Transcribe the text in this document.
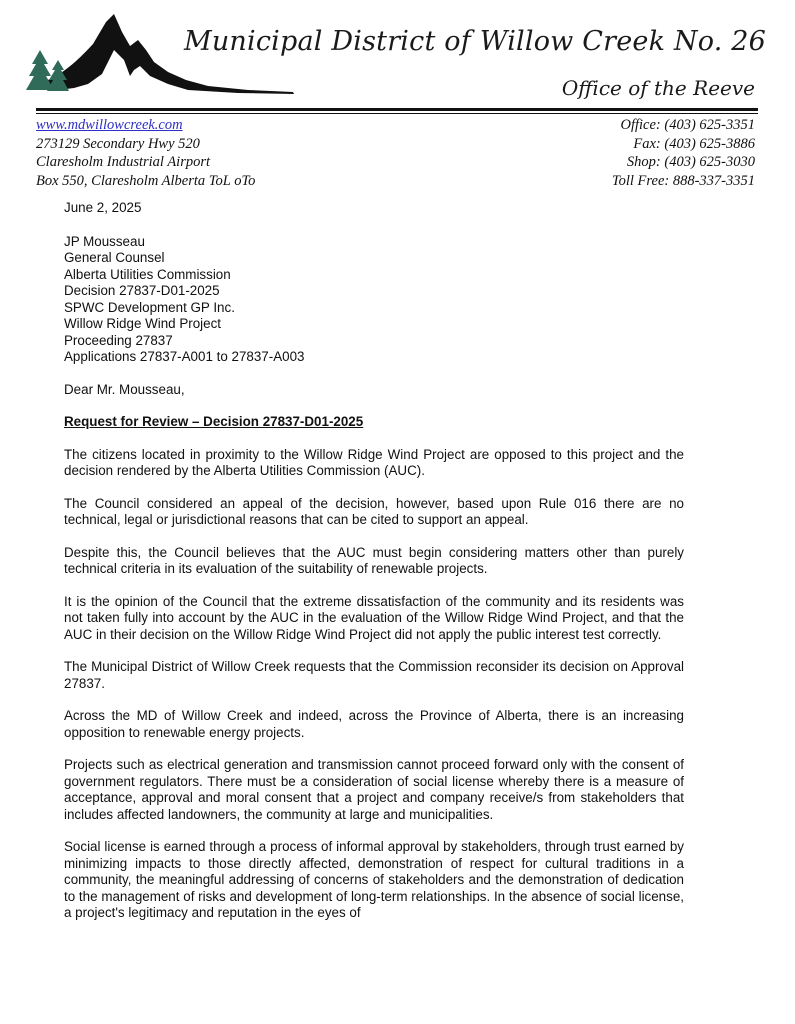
Municipal District of Willow Creek No. 26
Office of the Reeve
www.mdwillowcreek.com
273129 Secondary Hwy 520
Claresholm Industrial Airport
Box 550, Claresholm Alberta ToL oTo
Office: (403) 625-3351
Fax: (403) 625-3886
Shop: (403) 625-3030
Toll Free: 888-337-3351
June 2, 2025
JP Mousseau
General Counsel
Alberta Utilities Commission
Decision 27837-D01-2025
SPWC Development GP Inc.
Willow Ridge Wind Project
Proceeding 27837
Applications 27837-A001 to 27837-A003
Dear Mr. Mousseau,
Request for Review – Decision 27837-D01-2025

The citizens located in proximity to the Willow Ridge Wind Project are opposed to this project and the decision rendered by the Alberta Utilities Commission (AUC).

The Council considered an appeal of the decision, however, based upon Rule 016 there are no technical, legal or jurisdictional reasons that can be cited to support an appeal.

Despite this, the Council believes that the AUC must begin considering matters other than purely technical criteria in its evaluation of the suitability of renewable projects.

It is the opinion of the Council that the extreme dissatisfaction of the community and its residents was not taken fully into account by the AUC in the evaluation of the Willow Ridge Wind Project, and that the AUC in their decision on the Willow Ridge Wind Project did not apply the public interest test correctly.

The Municipal District of Willow Creek requests that the Commission reconsider its decision on Approval 27837.

Across the MD of Willow Creek and indeed, across the Province of Alberta, there is an increasing opposition to renewable energy projects.

Projects such as electrical generation and transmission cannot proceed forward only with the consent of government regulators. There must be a consideration of social license whereby there is a measure of acceptance, approval and moral consent that a project and company receive/s from stakeholders that includes affected landowners, the community at large and municipalities.

Social license is earned through a process of informal approval by stakeholders, through trust earned by minimizing impacts to those directly affected, demonstration of respect for cultural traditions in a community, the meaningful addressing of concerns of stakeholders and the demonstration of dedication to the management of risks and development of long-term relationships. In the absence of social license, a project's legitimacy and reputation in the eyes of
